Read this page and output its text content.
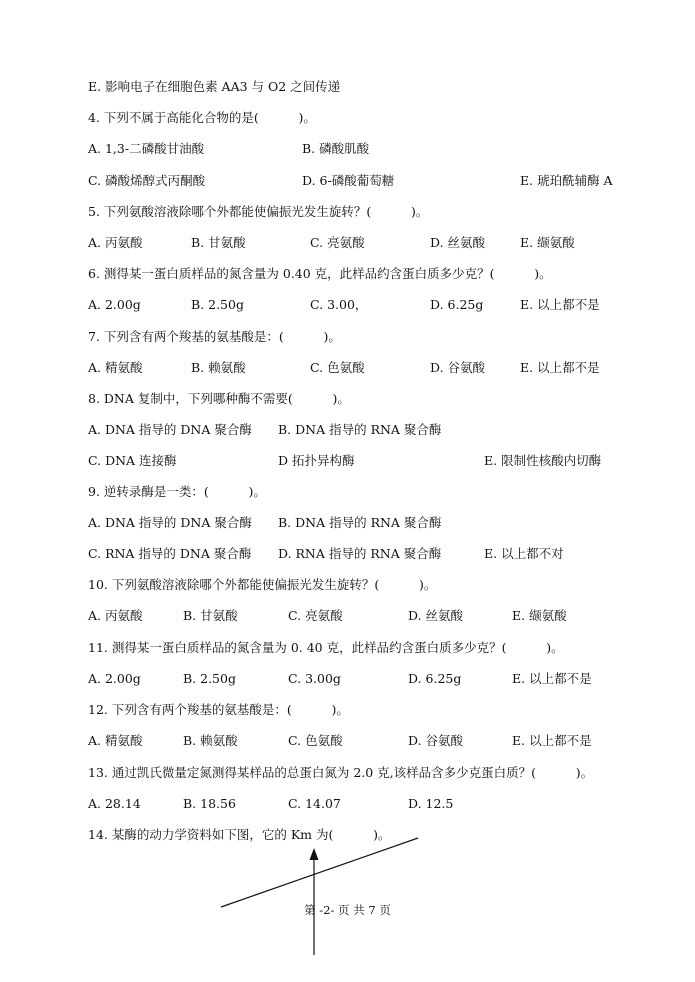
E. 影响电子在细胞色素 AA3 与 O2 之间传递
4. 下列不属于高能化合物的是(          )。
A. 1,3-二磷酸甘油酸	B. 磷酸肌酸
C. 磷酸烯醇式丙酮酸	D. 6-磷酸葡萄糖	E. 琥珀酰辅酶 A
5. 下列氨酸溶液除哪个外都能使偏振光发生旋转？(          )。
A. 丙氨酸	B. 甘氨酸	C. 亮氨酸	D. 丝氨酸	E. 缬氨酸
6. 测得某一蛋白质样品的氮含量为 0.40 克，此样品约含蛋白质多少克？(          )。
A. 2.00g	B. 2.50g	C. 3.00，	D. 6.25g	E. 以上都不是
7. 下列含有两个羧基的氨基酸是：(          )。
A. 精氨酸	B. 赖氨酸	C. 色氨酸	D. 谷氨酸	E. 以上都不是
8. DNA 复制中，下列哪种酶不需要(          )。
A. DNA 指导的 DNA 聚合酶 B. DNA 指导的 RNA 聚合酶
C. DNA 连接酶	D 拓扑异构酶	E. 限制性核酸内切酶
9. 逆转录酶是一类：(          )。
A. DNA 指导的 DNA 聚合酶 B. DNA 指导的 RNA 聚合酶
C. RNA 指导的 DNA 聚合酶 D. RNA 指导的 RNA 聚合酶	E. 以上都不对
10. 下列氨酸溶液除哪个外都能使偏振光发生旋转？(          )。
A. 丙氨酸	B. 甘氨酸	C. 亮氨酸	D. 丝氨酸	E. 缬氨酸
11. 测得某一蛋白质样品的氮含量为 0. 40 克，此样品约含蛋白质多少克？(          )。
A. 2.00g	B. 2.50g	C. 3.00g	D. 6.25g	E. 以上都不是
12. 下列含有两个羧基的氨基酸是：(          )。
A. 精氨酸	B. 赖氨酸	C. 色氨酸	D. 谷氨酸	E. 以上都不是
13. 通过凯氏微量定氮测得某样品的总蛋白氮为 2.0 克,该样品含多少克蛋白质？(          )。
A. 28.14	B. 18.56	C. 14.07	D. 12.5
14. 某酶的动力学资料如下图，它的 Km 为(          )。
第 -2- 页 共 7 页
